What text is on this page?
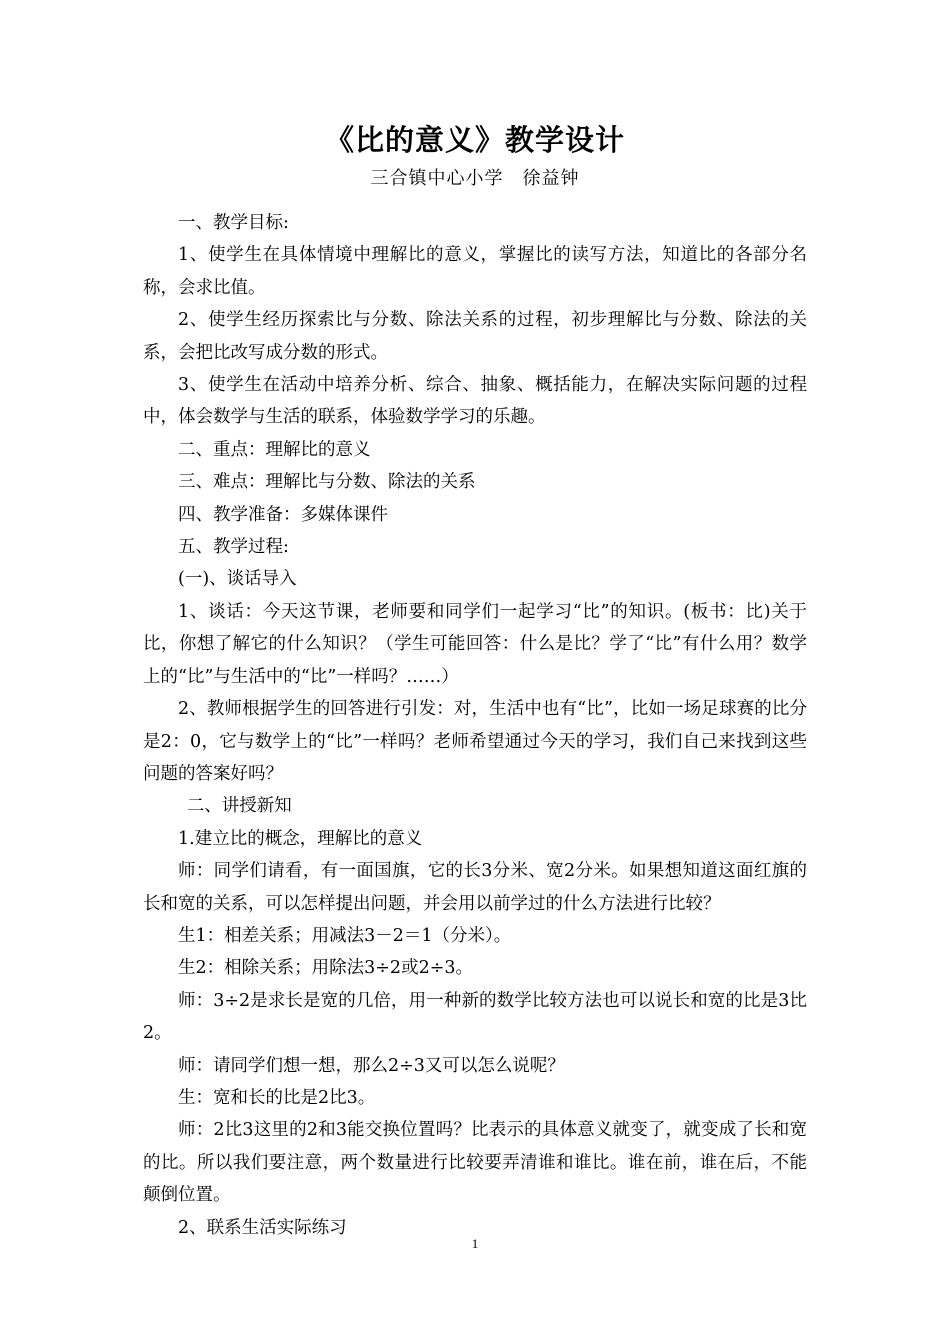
《比的意义》教学设计
三合镇中心小学　徐益钟

一、教学目标:

1、使学生在具体情境中理解比的意义，掌握比的读写方法，知道比的各部分名称，会求比值。

2、使学生经历探索比与分数、除法关系的过程，初步理解比与分数、除法的关系，会把比改写成分数的形式。

3、使学生在活动中培养分析、综合、抽象、概括能力，在解决实际问题的过程中，体会数学与生活的联系，体验数学学习的乐趣。

二、重点：理解比的意义

三、难点：理解比与分数、除法的关系

四、教学准备：多媒体课件

五、教学过程:

(一)、谈话导入

1、谈话：今天这节课，老师要和同学们一起学习“比”的知识。(板书：比)关于比，你想了解它的什么知识？（学生可能回答：什么是比？学了“比”有什么用？数学上的“比”与生活中的“比”一样吗？……）

2、教师根据学生的回答进行引发：对，生活中也有“比”，比如一场足球赛的比分是2：0，它与数学上的“比”一样吗？老师希望通过今天的学习，我们自己来找到这些问题的答案好吗？

二、讲授新知

1.建立比的概念，理解比的意义

师：同学们请看，有一面国旗，它的长3分米、宽2分米。如果想知道这面红旗的长和宽的关系，可以怎样提出问题，并会用以前学过的什么方法进行比较？

生1：相差关系；用减法3－2＝1（分米）。

生2：相除关系；用除法3÷2或2÷3。

师：3÷2是求长是宽的几倍，用一种新的数学比较方法也可以说长和宽的比是3比2。

师：请同学们想一想，那么2÷3又可以怎么说呢？

生：宽和长的比是2比3。

师：2比3这里的2和3能交换位置吗？比表示的具体意义就变了，就变成了长和宽的比。所以我们要注意，两个数量进行比较要弄清谁和谁比。谁在前，谁在后，不能颠倒位置。

2、联系生活实际练习

1
